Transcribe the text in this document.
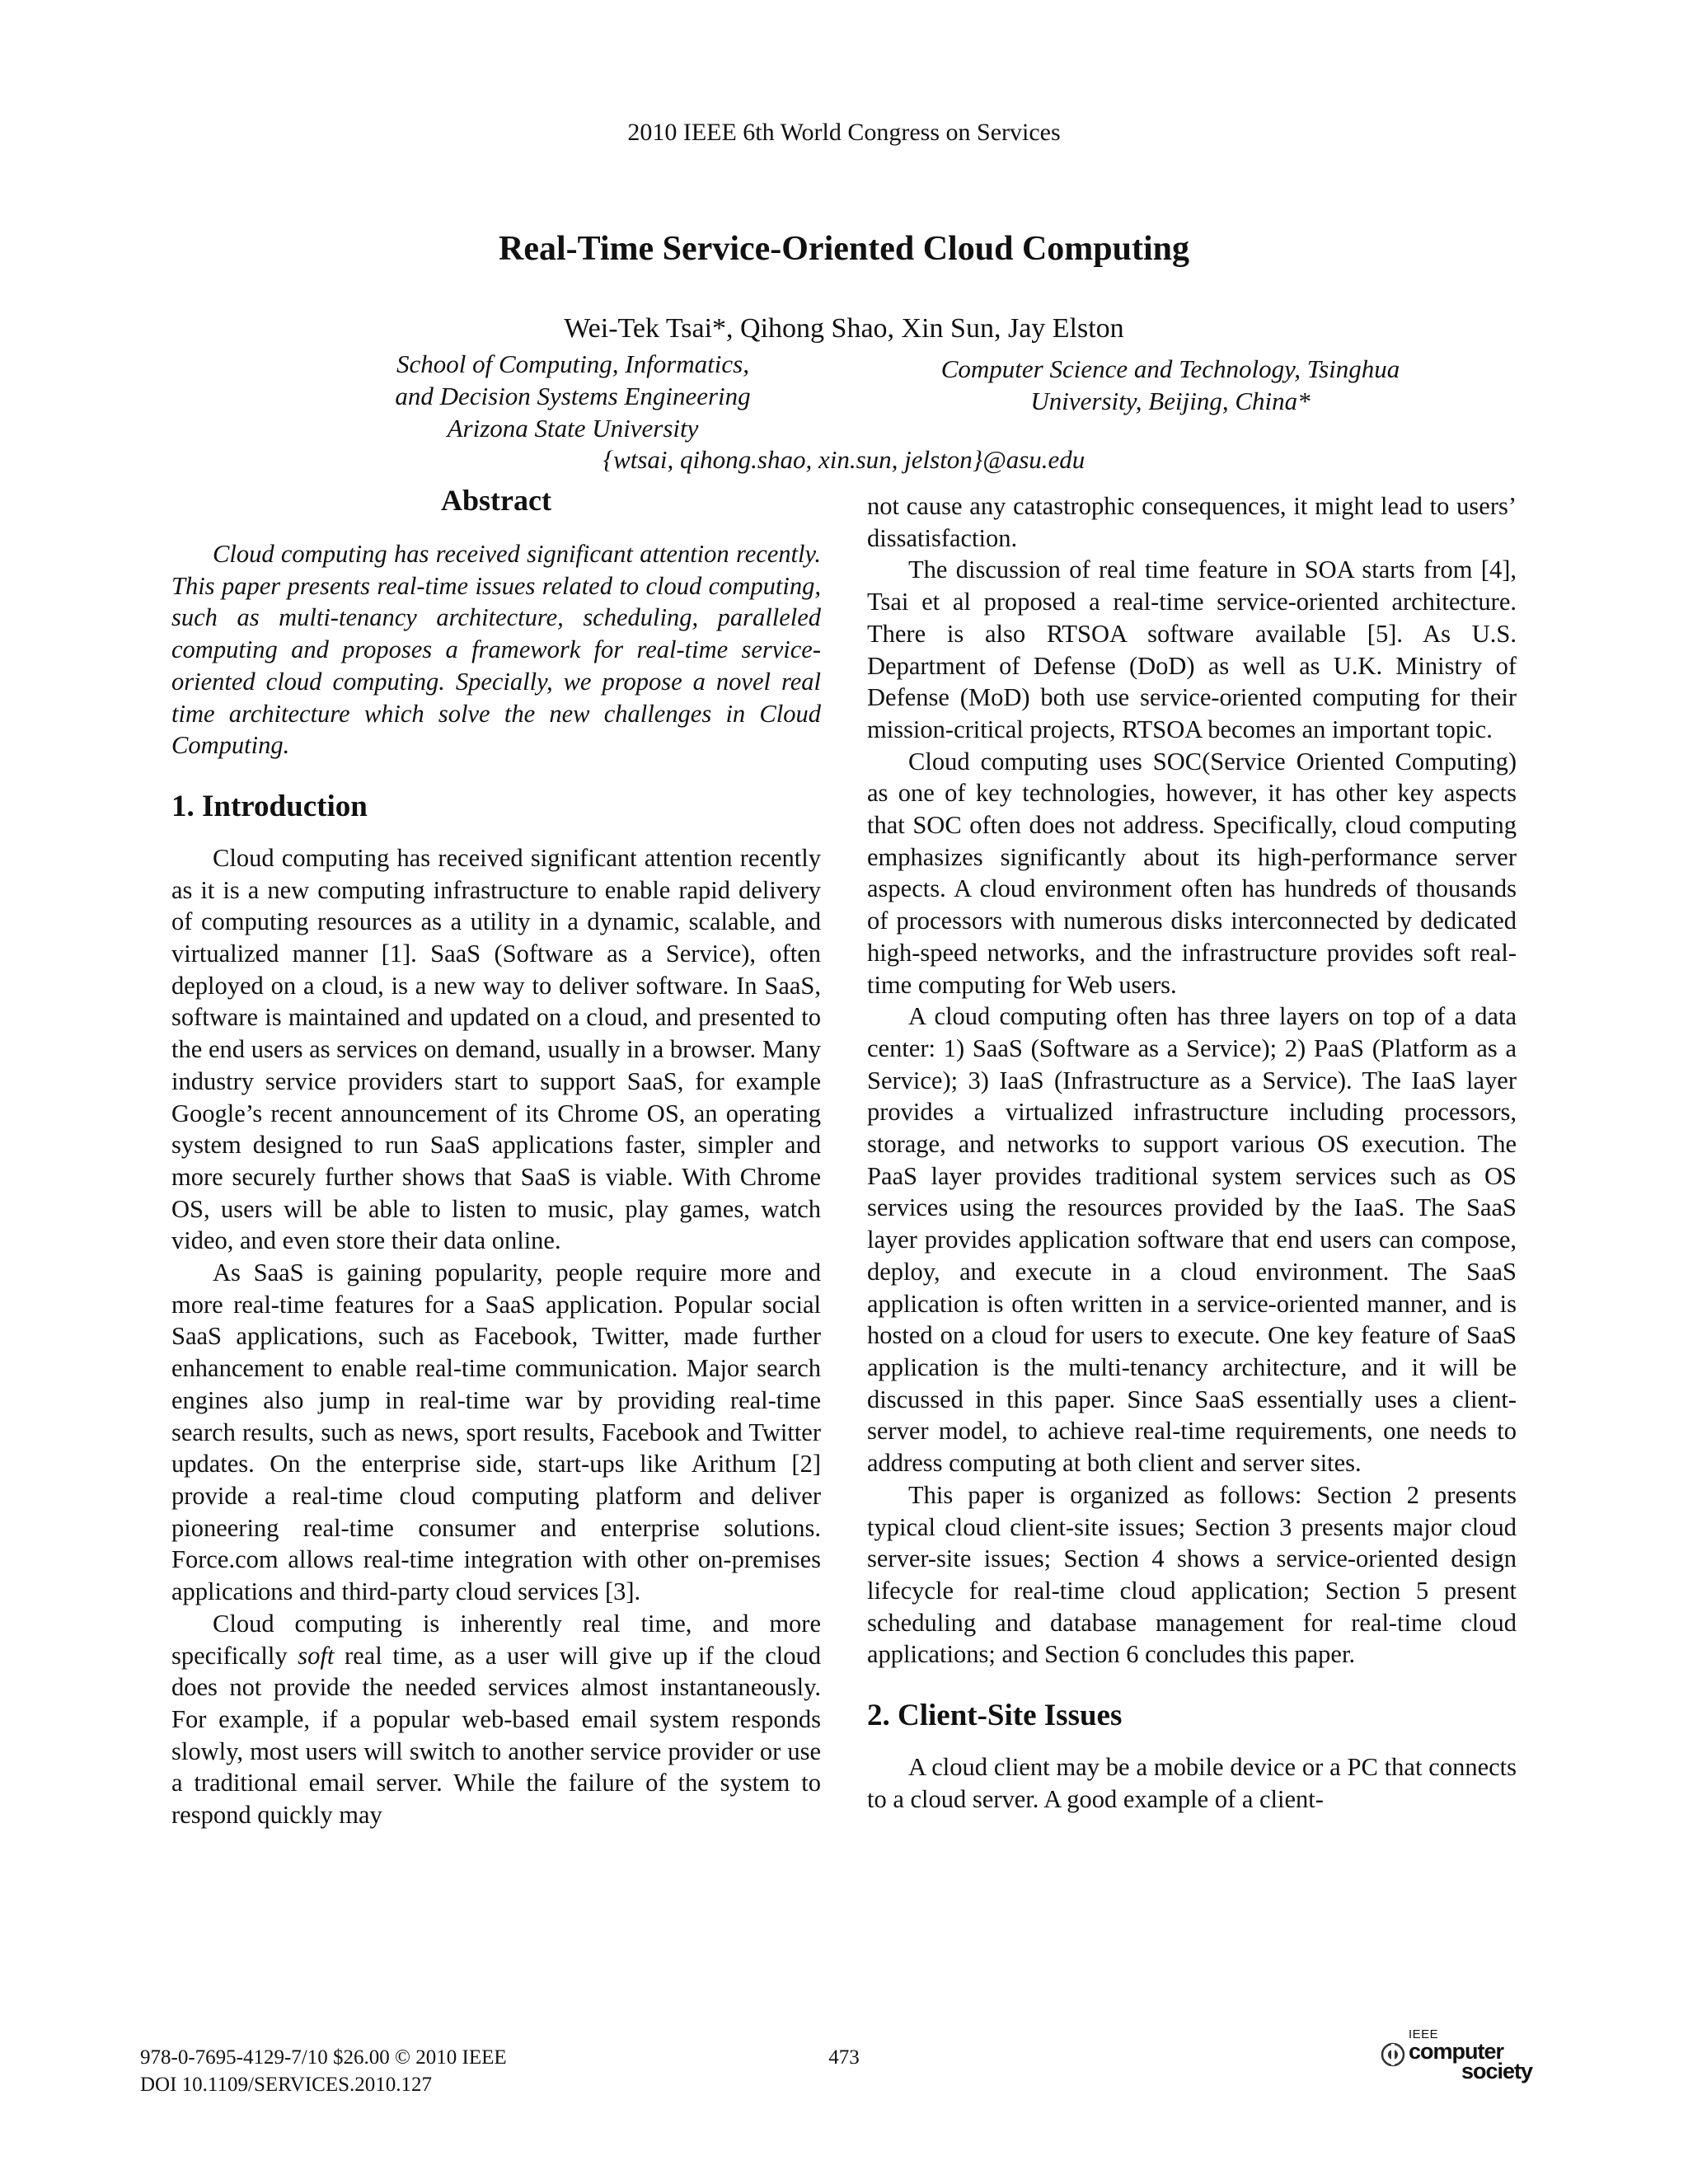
2010 IEEE 6th World Congress on Services
Real-Time Service-Oriented Cloud Computing
Wei-Tek Tsai*, Qihong Shao, Xin Sun, Jay Elston
School of Computing, Informatics,
and Decision Systems Engineering
Arizona State University
Computer Science and Technology, Tsinghua
University, Beijing, China*
{wtsai, qihong.shao, xin.sun, jelston}@asu.edu
Abstract

Cloud computing has received significant attention recently. This paper presents real-time issues related to cloud computing, such as multi-tenancy architecture, scheduling, paralleled computing and proposes a framework for real-time service-oriented cloud computing. Specially, we propose a novel real time architecture which solve the new challenges in Cloud Computing.

1. Introduction

Cloud computing has received significant attention recently as it is a new computing infrastructure to enable rapid delivery of computing resources as a utility in a dynamic, scalable, and virtualized manner [1]. SaaS (Software as a Service), often deployed on a cloud, is a new way to deliver software. In SaaS, software is maintained and updated on a cloud, and presented to the end users as services on demand, usually in a browser. Many industry service providers start to support SaaS, for example Google’s recent announcement of its Chrome OS, an operating system designed to run SaaS applications faster, simpler and more securely further shows that SaaS is viable. With Chrome OS, users will be able to listen to music, play games, watch video, and even store their data online.

As SaaS is gaining popularity, people require more and more real-time features for a SaaS application. Popular social SaaS applications, such as Facebook, Twitter, made further enhancement to enable real-time communication. Major search engines also jump in real-time war by providing real-time search results, such as news, sport results, Facebook and Twitter updates. On the enterprise side, start-ups like Arithum [2] provide a real-time cloud computing platform and deliver pioneering real-time consumer and enterprise solutions. Force.com allows real-time integration with other on-premises applications and third-party cloud services [3].

Cloud computing is inherently real time, and more specifically soft real time, as a user will give up if the cloud does not provide the needed services almost instantaneously. For example, if a popular web-based email system responds slowly, most users will switch to another service provider or use a traditional email server. While the failure of the system to respond quickly may

not cause any catastrophic consequences, it might lead to users’ dissatisfaction.

The discussion of real time feature in SOA starts from [4], Tsai et al proposed a real-time service-oriented architecture. There is also RTSOA software available [5]. As U.S. Department of Defense (DoD) as well as U.K. Ministry of Defense (MoD) both use service-oriented computing for their mission-critical projects, RTSOA becomes an important topic.

Cloud computing uses SOC(Service Oriented Computing) as one of key technologies, however, it has other key aspects that SOC often does not address. Specifically, cloud computing emphasizes significantly about its high-performance server aspects. A cloud environment often has hundreds of thousands of processors with numerous disks interconnected by dedicated high-speed networks, and the infrastructure provides soft real-time computing for Web users.

A cloud computing often has three layers on top of a data center: 1) SaaS (Software as a Service); 2) PaaS (Platform as a Service); 3) IaaS (Infrastructure as a Service). The IaaS layer provides a virtualized infrastructure including processors, storage, and networks to support various OS execution. The PaaS layer provides traditional system services such as OS services using the resources provided by the IaaS. The SaaS layer provides application software that end users can compose, deploy, and execute in a cloud environment. The SaaS application is often written in a service-oriented manner, and is hosted on a cloud for users to execute. One key feature of SaaS application is the multi-tenancy architecture, and it will be discussed in this paper. Since SaaS essentially uses a client-server model, to achieve real-time requirements, one needs to address computing at both client and server sites.

This paper is organized as follows: Section 2 presents typical cloud client-site issues; Section 3 presents major cloud server-site issues; Section 4 shows a service-oriented design lifecycle for real-time cloud application; Section 5 present scheduling and database management for real-time cloud applications; and Section 6 concludes this paper.

2. Client-Site Issues

A cloud client may be a mobile device or a PC that connects to a cloud server. A good example of a client-

978-0-7695-4129-7/10 $26.00 © 2010 IEEE
DOI 10.1109/SERVICES.2010.127
473
IEEE
computer
society
